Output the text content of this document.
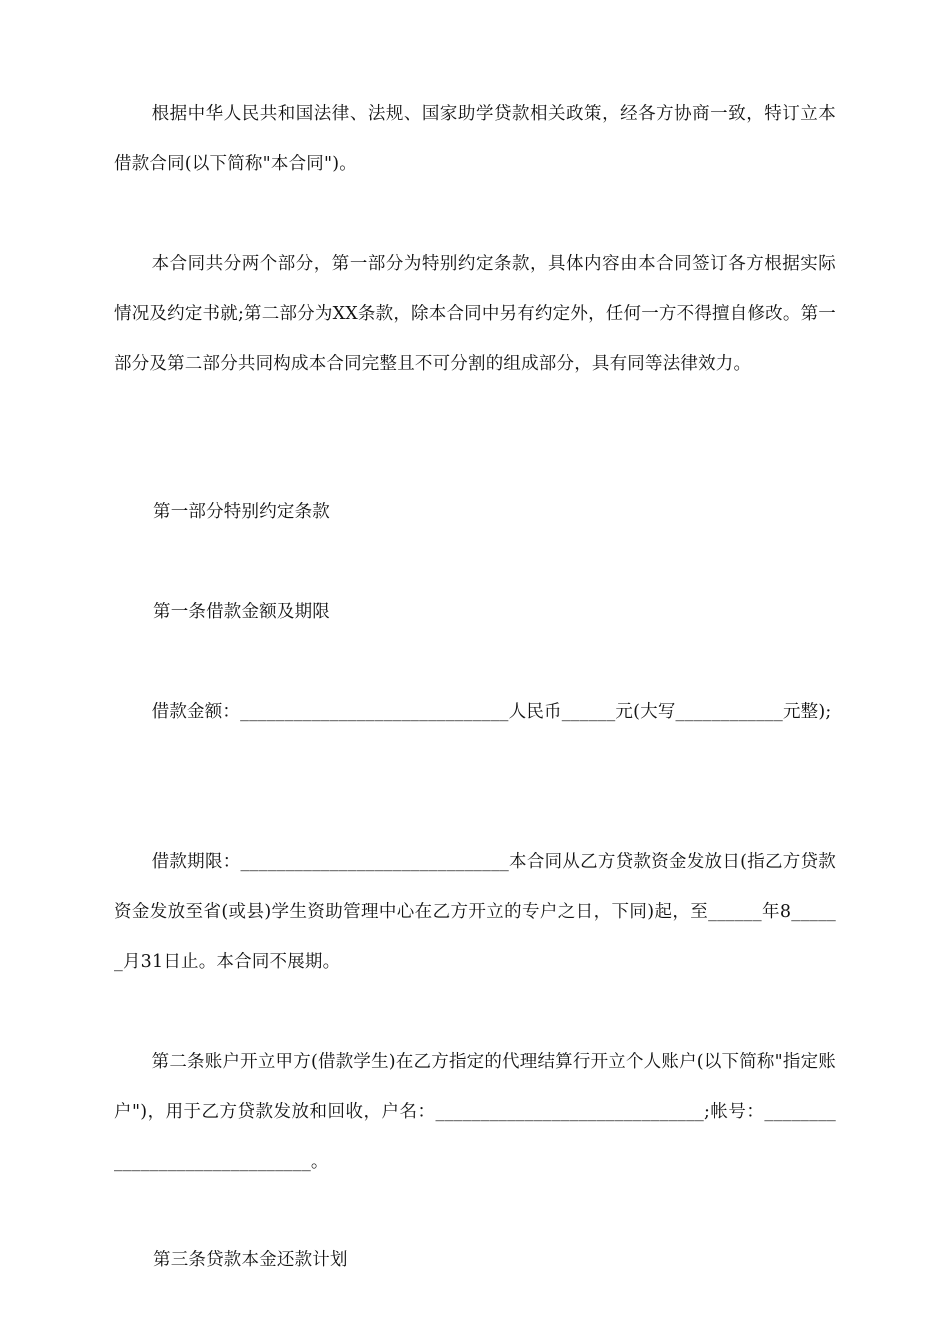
根据中华人民共和国法律、法规、国家助学贷款相关政策，经各方协商一致，特订立本借款合同(以下简称"本合同")。

本合同共分两个部分，第一部分为特别约定条款，具体内容由本合同签订各方根据实际情况及约定书就;第二部分为XX条款，除本合同中另有约定外，任何一方不得擅自修改。第一部分及第二部分共同构成本合同完整且不可分割的组成部分，具有同等法律效力。

第一部分特别约定条款

第一条借款金额及期限

借款金额：______________________________人民币______元(大写____________元整);

借款期限：______________________________本合同从乙方贷款资金发放日(指乙方贷款资金发放至省(或县)学生资助管理中心在乙方开立的专户之日，下同)起，至______年8______月31日止。本合同不展期。

第二条账户开立甲方(借款学生)在乙方指定的代理结算行开立个人账户(以下简称"指定账户")，用于乙方贷款发放和回收，户名：______________________________;帐号：______________________________。

第三条贷款本金还款计划
